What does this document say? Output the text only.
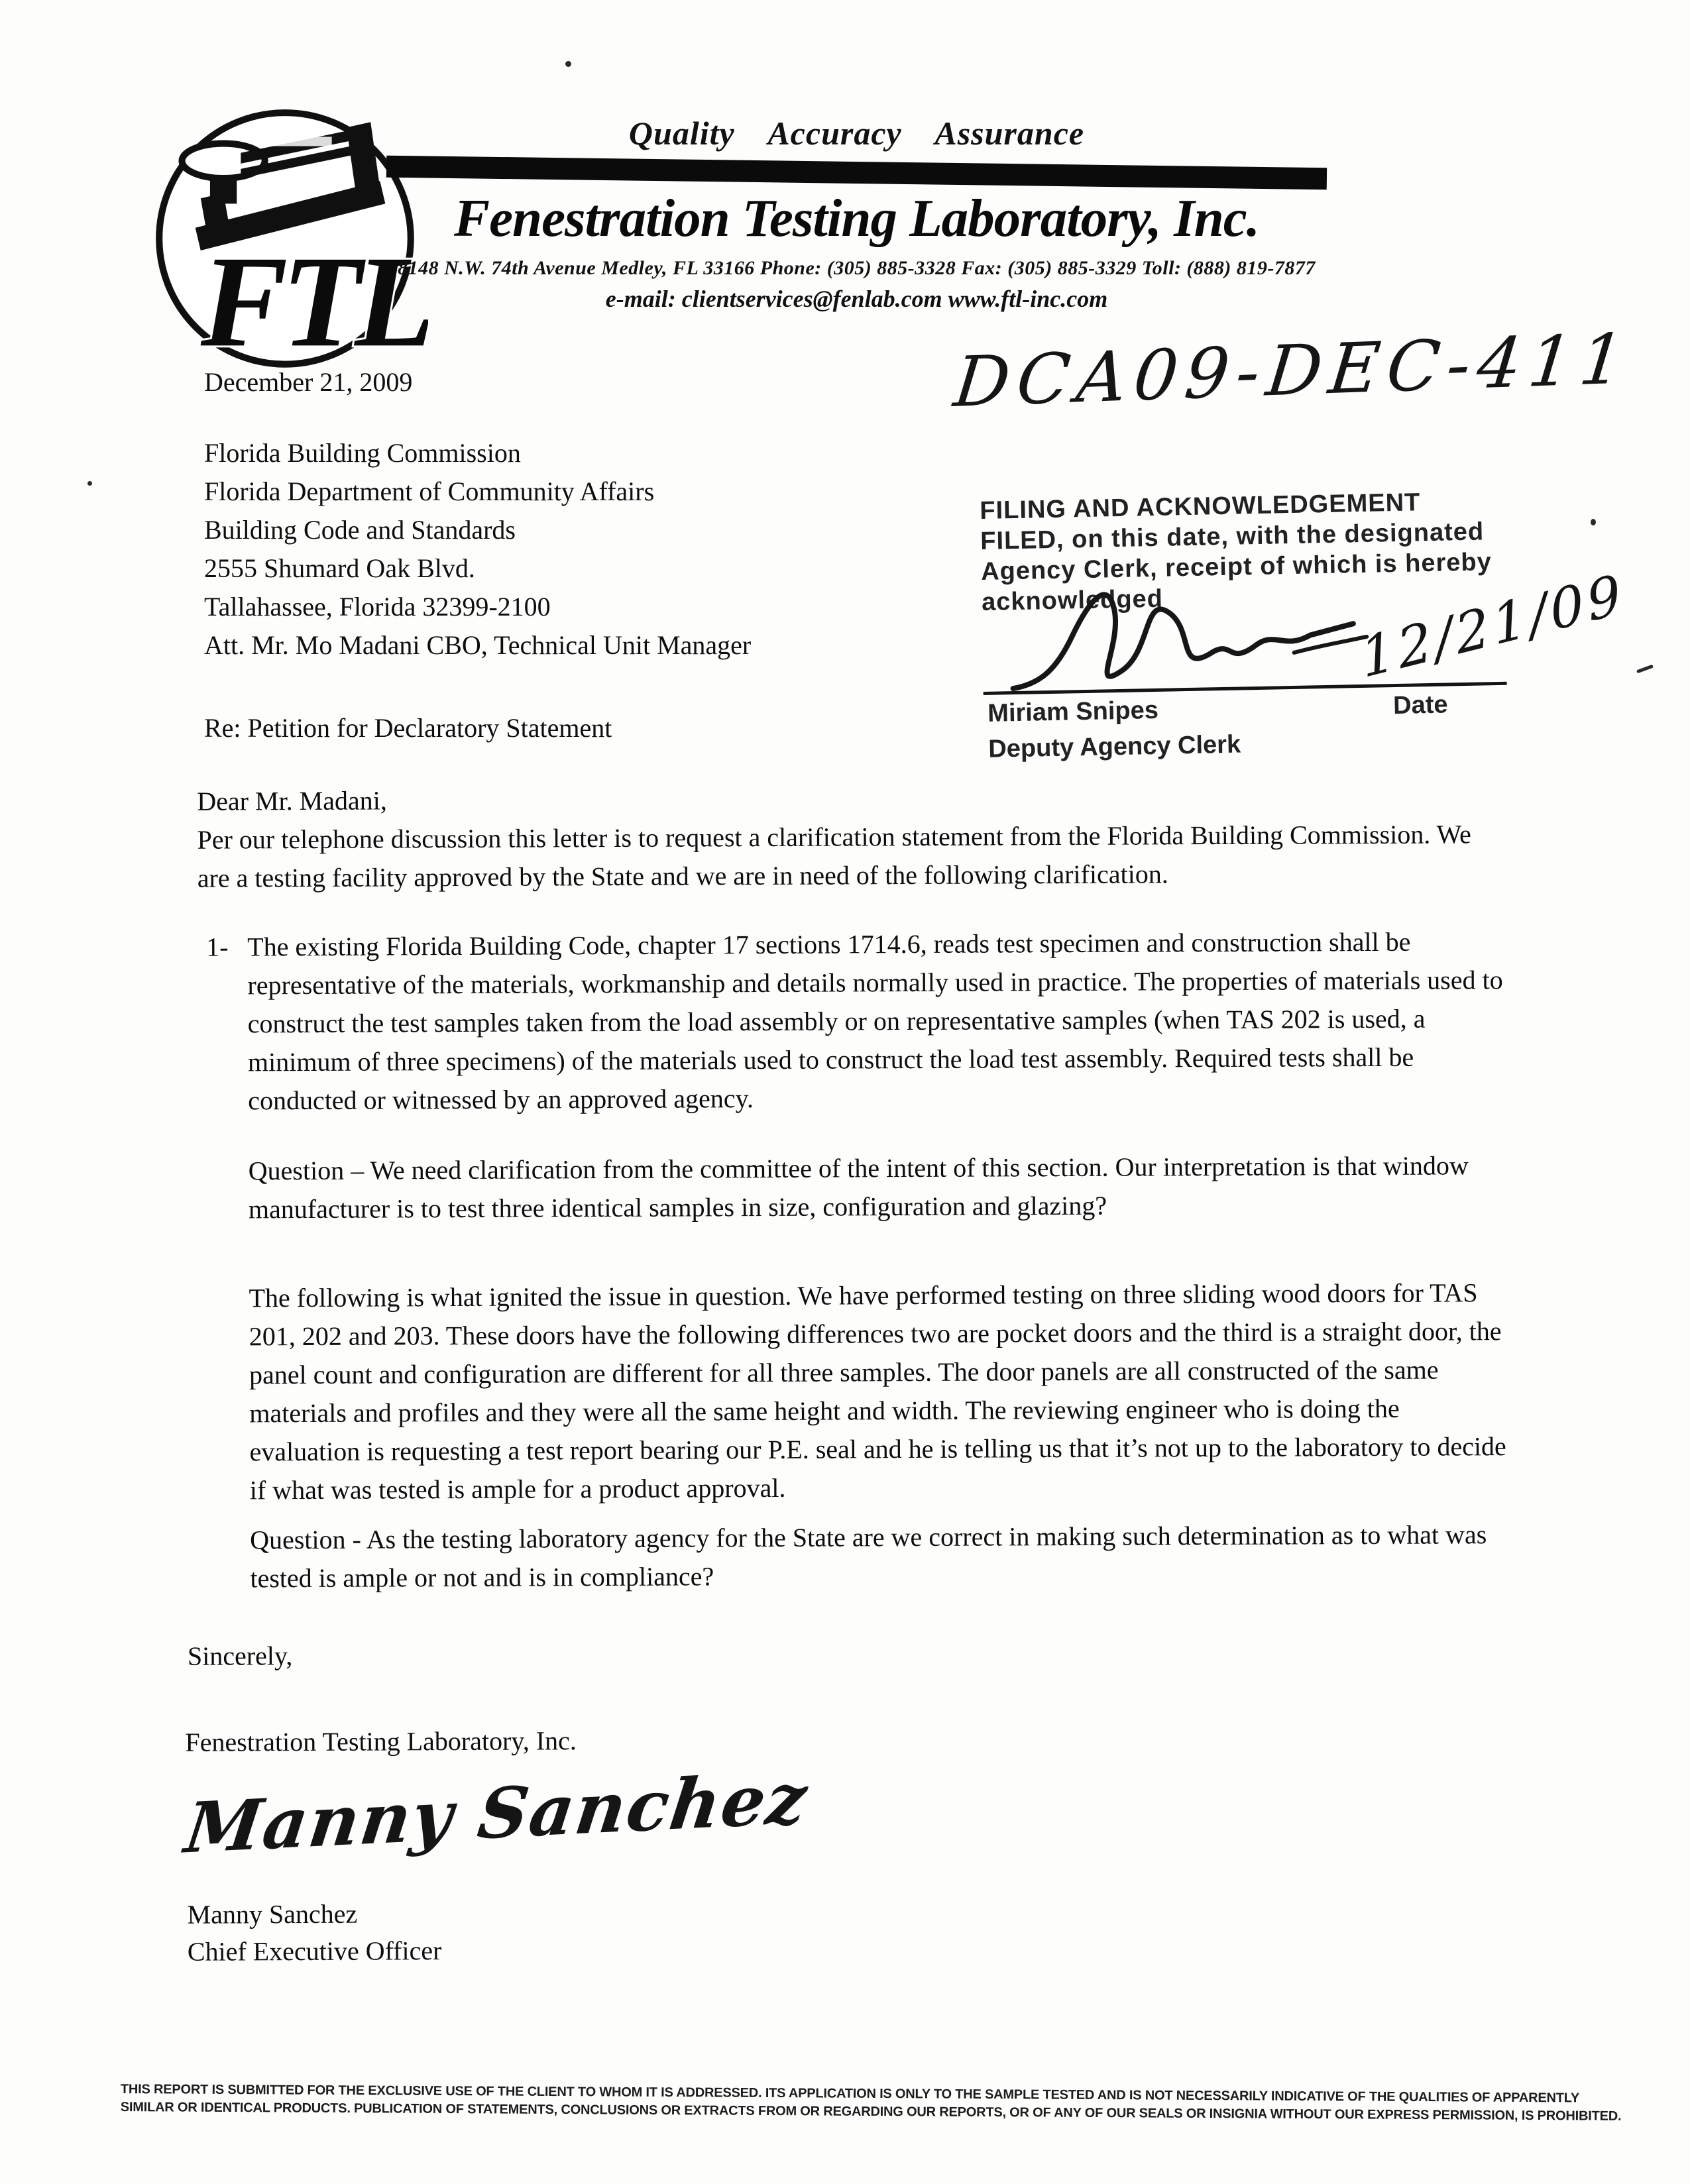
FTL
Quality Accuracy Assurance
Fenestration Testing Laboratory, Inc.
8148 N.W. 74th Avenue Medley, FL 33166 Phone: (305) 885-3328 Fax: (305) 885-3329 Toll: (888) 819-7877
e-mail: clientservices@fenlab.com www.ftl-inc.com
DCA09-DEC-411
December 21, 2009
Florida Building Commission
Florida Department of Community Affairs
Building Code and Standards
2555 Shumard Oak Blvd.
Tallahassee, Florida 32399-2100
Att. Mr. Mo Madani CBO, Technical Unit Manager
FILING AND ACKNOWLEDGEMENT
FILED, on this date, with the designated
Agency Clerk, receipt of which is hereby
acknowledged
Miriam Snipes	Date
Deputy Agency Clerk
12/21/09
Re: Petition for Declaratory Statement
Dear Mr. Madani,
Per our telephone discussion this letter is to request a clarification statement from the Florida Building Commission. We are a testing facility approved by the State and we are in need of the following clarification.
1- The existing Florida Building Code, chapter 17 sections 1714.6, reads test specimen and construction shall be representative of the materials, workmanship and details normally used in practice. The properties of materials used to construct the test samples taken from the load assembly or on representative samples (when TAS 202 is used, a minimum of three specimens) of the materials used to construct the load test assembly. Required tests shall be conducted or witnessed by an approved agency.
Question – We need clarification from the committee of the intent of this section. Our interpretation is that window manufacturer is to test three identical samples in size, configuration and glazing?
The following is what ignited the issue in question. We have performed testing on three sliding wood doors for TAS 201, 202 and 203. These doors have the following differences two are pocket doors and the third is a straight door, the panel count and configuration are different for all three samples. The door panels are all constructed of the same materials and profiles and they were all the same height and width. The reviewing engineer who is doing the evaluation is requesting a test report bearing our P.E. seal and he is telling us that it’s not up to the laboratory to decide if what was tested is ample for a product approval.
Question - As the testing laboratory agency for the State are we correct in making such determination as to what was tested is ample or not and is in compliance?
Sincerely,
Fenestration Testing Laboratory, Inc.
Manny Sanchez
Manny Sanchez
Chief Executive Officer
THIS REPORT IS SUBMITTED FOR THE EXCLUSIVE USE OF THE CLIENT TO WHOM IT IS ADDRESSED. ITS APPLICATION IS ONLY TO THE SAMPLE TESTED AND IS NOT NECESSARILY INDICATIVE OF THE QUALITIES OF APPARENTLY
SIMILAR OR IDENTICAL PRODUCTS. PUBLICATION OF STATEMENTS, CONCLUSIONS OR EXTRACTS FROM OR REGARDING OUR REPORTS, OR OF ANY OF OUR SEALS OR INSIGNIA WITHOUT OUR EXPRESS PERMISSION, IS PROHIBITED.
